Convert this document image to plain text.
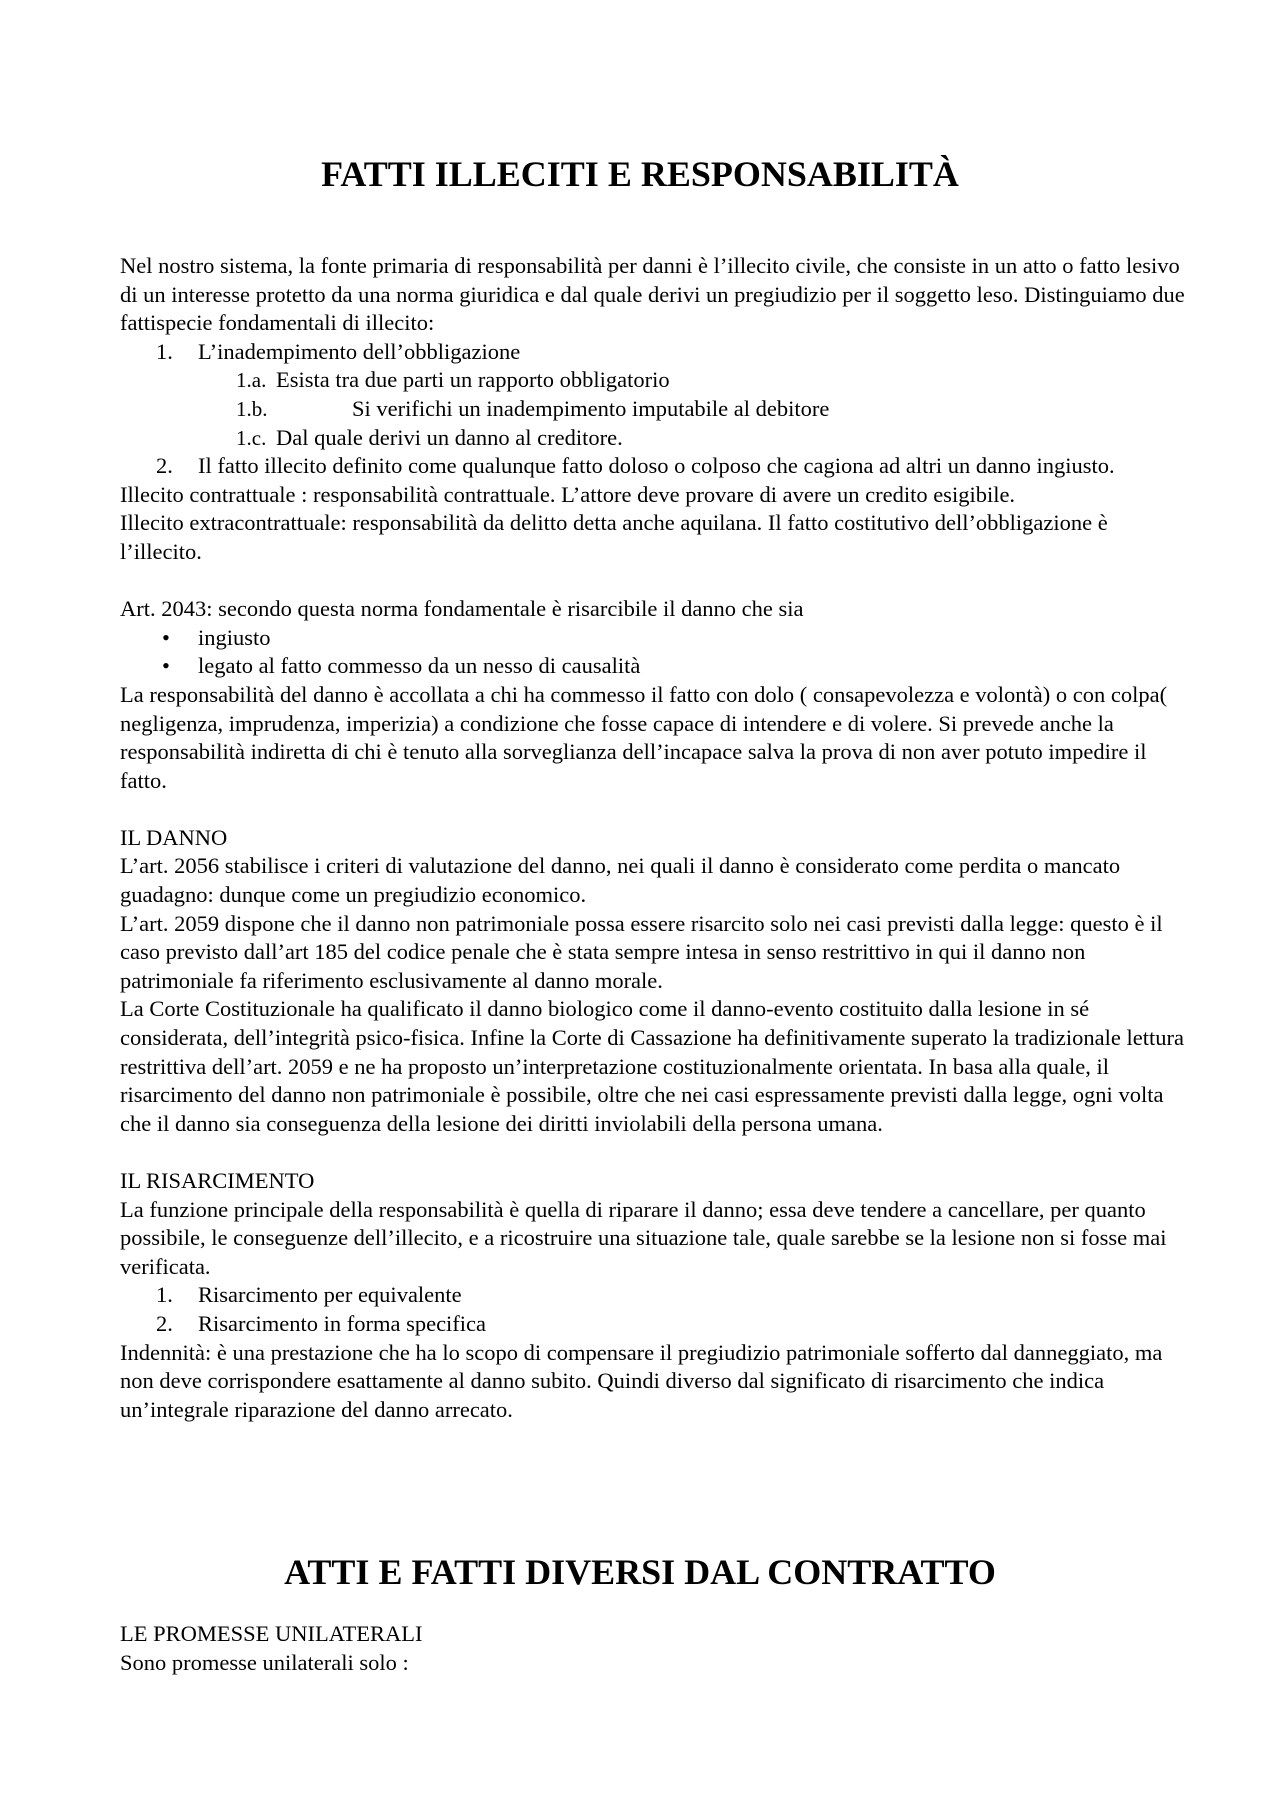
FATTI ILLECITI E RESPONSABILITÀ

Nel nostro sistema, la fonte primaria di responsabilità per danni è l’illecito civile, che consiste in un atto o fatto lesivo di un interesse protetto da una norma giuridica e dal quale derivi un pregiudizio per il soggetto leso. Distinguiamo due fattispecie fondamentali di illecito:

1.	L’inadempimento dell’obbligazione
1.a. Esista tra due parti un rapporto obbligatorio
1.b.	Si verifichi un inadempimento imputabile al debitore
1.c. Dal quale derivi un danno al creditore.
2.	Il fatto illecito definito come qualunque fatto doloso o colposo che cagiona ad altri un danno ingiusto.

Illecito contrattuale : responsabilità contrattuale. L’attore deve provare di avere un credito esigibile.

Illecito extracontrattuale: responsabilità da delitto detta anche aquilana. Il fatto costitutivo dell’obbligazione è l’illecito.

Art. 2043: secondo questa norma fondamentale è risarcibile il danno che sia

•	ingiusto
•	legato al fatto commesso da un nesso di causalità

La responsabilità del danno è accollata a chi ha commesso il fatto con dolo ( consapevolezza e volontà) o con colpa( negligenza, imprudenza, imperizia) a condizione che fosse capace di intendere e di volere. Si prevede anche la responsabilità indiretta di chi è tenuto alla sorveglianza dell’incapace salva la prova di non aver potuto impedire il fatto.

IL DANNO

L’art. 2056 stabilisce i criteri di valutazione del danno, nei quali il danno è considerato come perdita o mancato guadagno: dunque come un pregiudizio economico.

L’art. 2059 dispone che il danno non patrimoniale possa essere risarcito solo nei casi previsti dalla legge: questo è il caso previsto dall’art 185 del codice penale che è stata sempre intesa in senso restrittivo in qui il danno non patrimoniale fa riferimento esclusivamente al danno morale.

La Corte Costituzionale ha qualificato il danno biologico come il danno-evento costituito dalla lesione in sé considerata, dell’integrità psico-fisica. Infine la Corte di Cassazione ha definitivamente superato la tradizionale lettura restrittiva dell’art. 2059 e ne ha proposto un’interpretazione costituzionalmente orientata. In basa alla quale, il risarcimento del danno non patrimoniale è possibile, oltre che nei casi espressamente previsti dalla legge, ogni volta che il danno sia conseguenza della lesione dei diritti inviolabili della persona umana.

IL RISARCIMENTO

La funzione principale della responsabilità è quella di riparare il danno; essa deve tendere a cancellare, per quanto possibile, le conseguenze dell’illecito, e a ricostruire una situazione tale, quale sarebbe se la lesione non si fosse mai verificata.

1.	Risarcimento per equivalente
2.	Risarcimento in forma specifica

Indennità: è una prestazione che ha lo scopo di compensare il pregiudizio patrimoniale sofferto dal danneggiato, ma non deve corrispondere esattamente al danno subito. Quindi diverso dal significato di risarcimento che indica un’integrale riparazione del danno arrecato.

ATTI E FATTI DIVERSI DAL CONTRATTO

LE PROMESSE UNILATERALI

Sono promesse unilaterali solo :
